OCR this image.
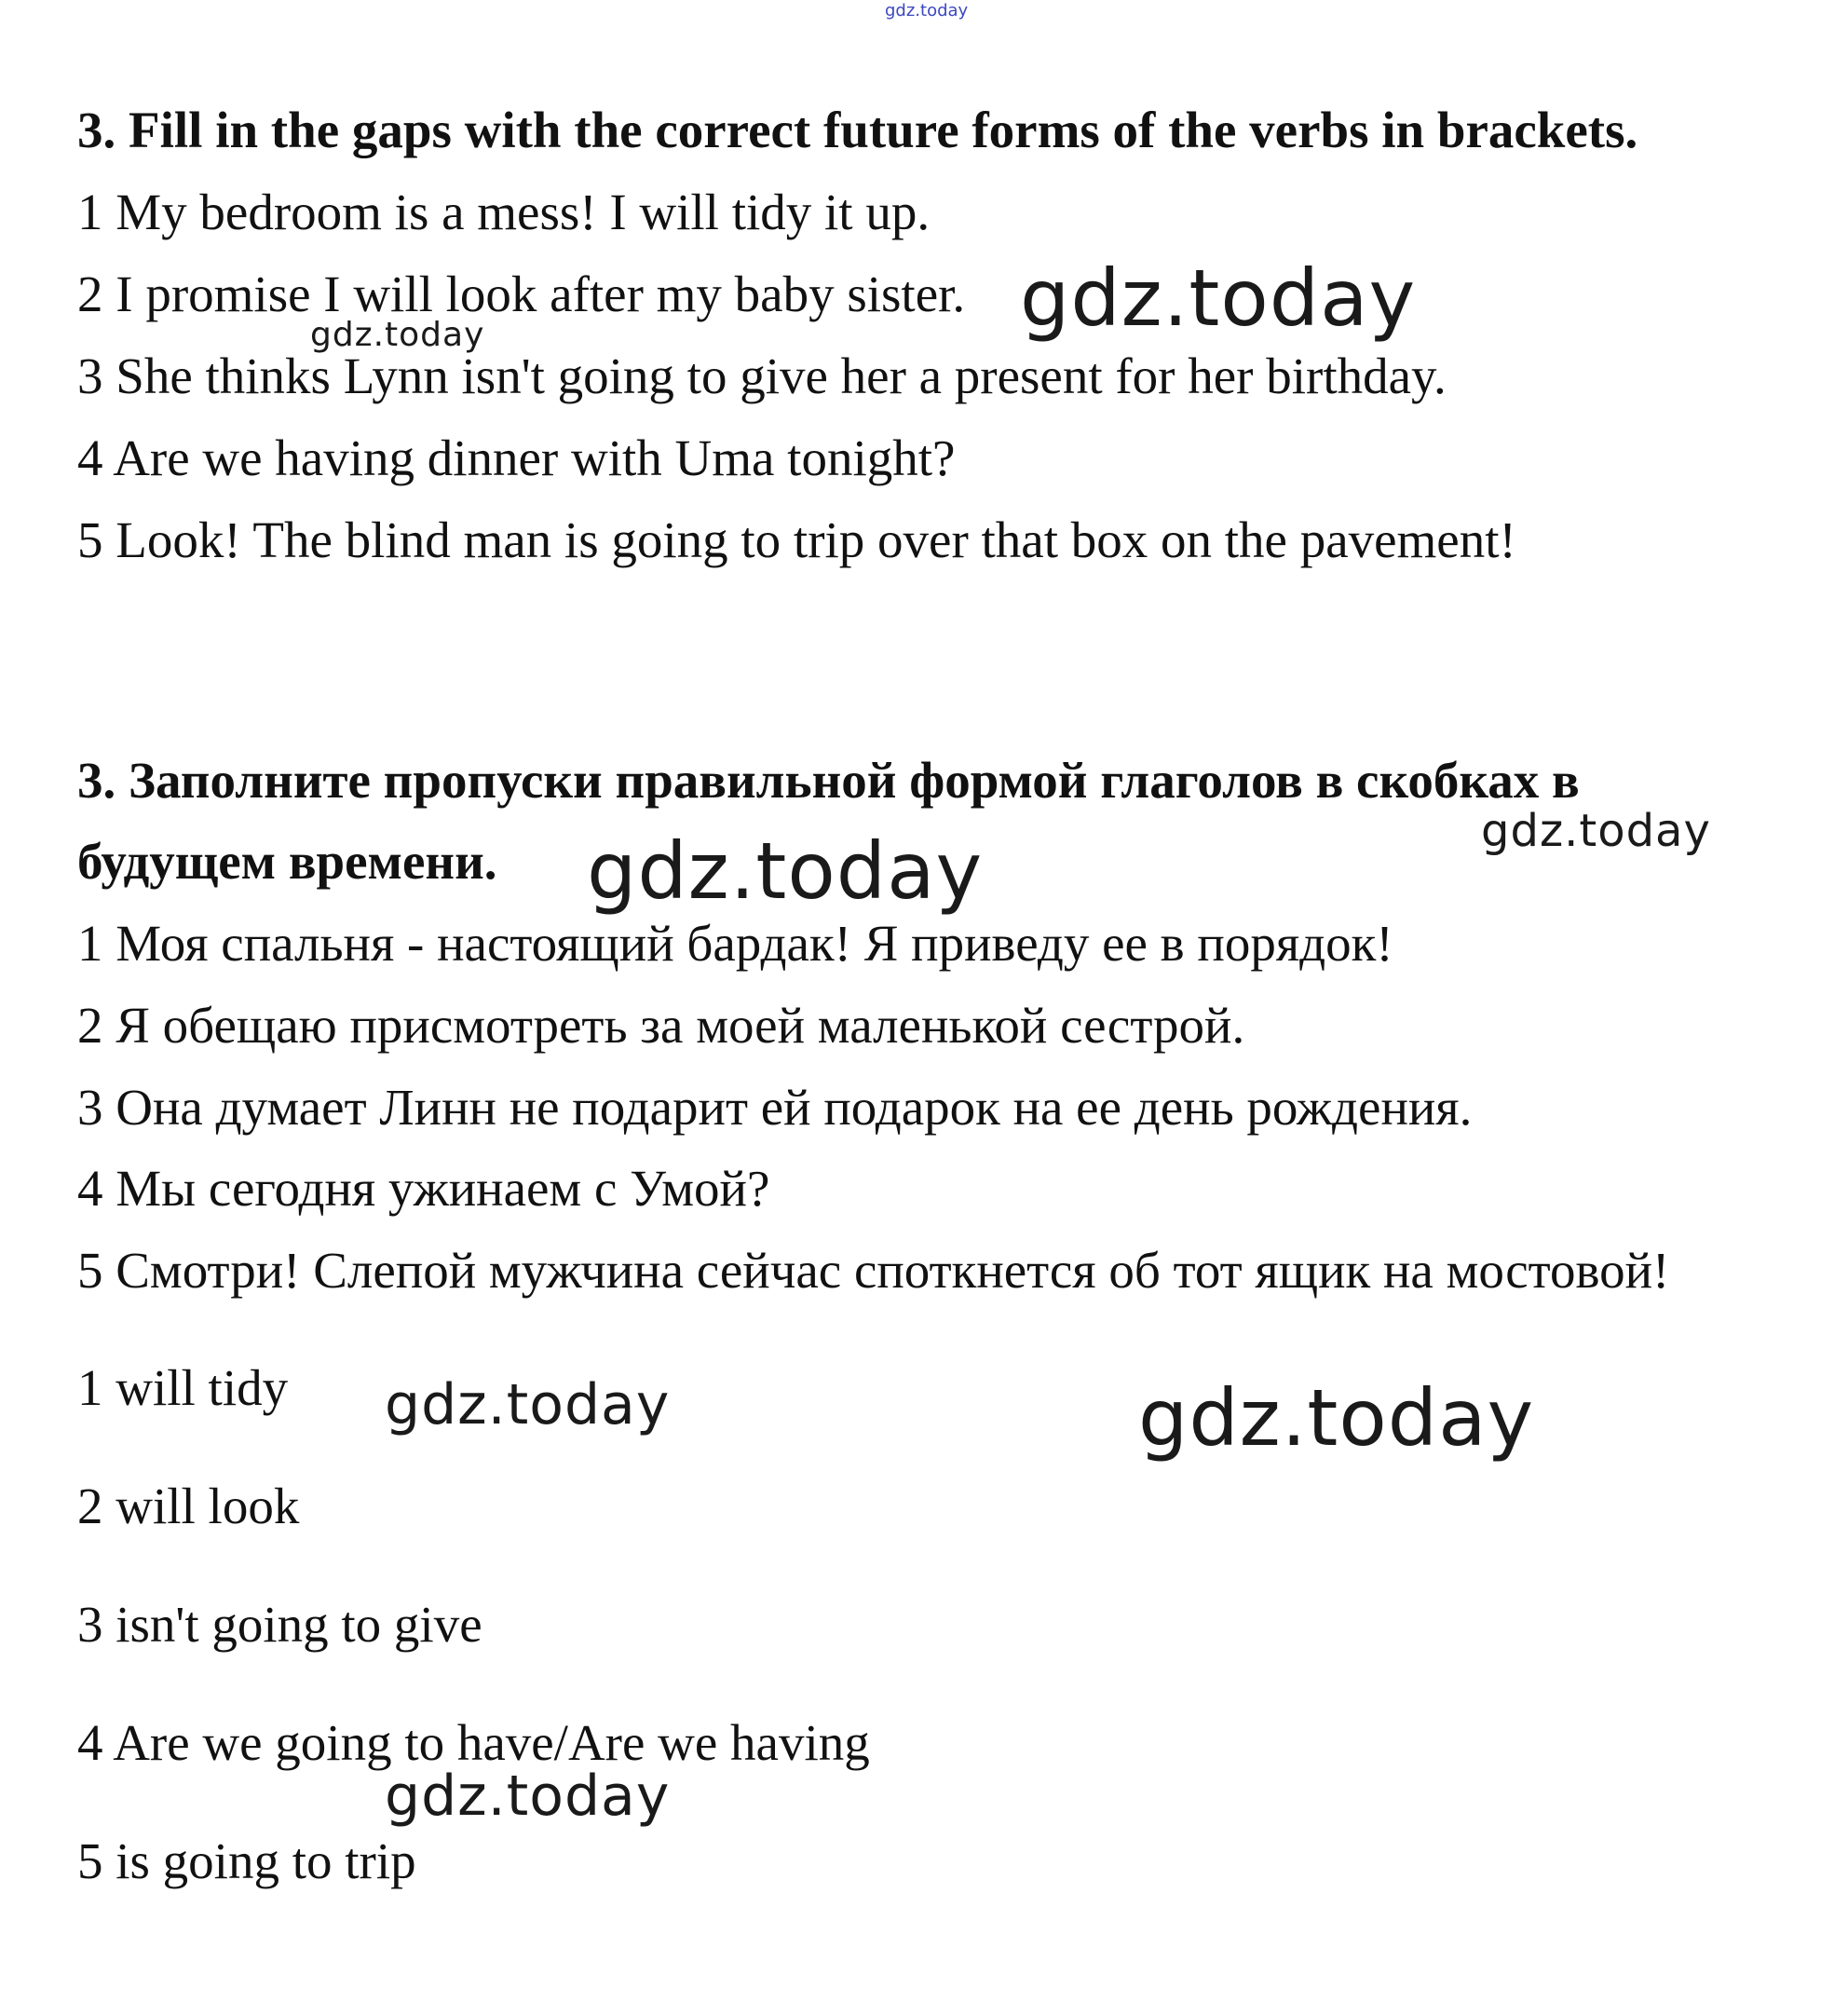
gdz.today
3. Fill in the gaps with the correct future forms of the verbs in brackets.
1 My bedroom is a mess! I will tidy it up.
2 I promise I will look after my baby sister.
3 She thinks Lynn isn't going to give her a present for her birthday.
4 Are we having dinner with Uma tonight?
5 Look! The blind man is going to trip over that box on the pavement!
3. Заполните пропуски правильной формой глаголов в скобках в
будущем времени.
1 Моя спальня - настоящий бардак! Я приведу ее в порядок!
2 Я обещаю присмотреть за моей маленькой сестрой.
3 Она думает Линн не подарит ей подарок на ее день рождения.
4 Мы сегодня ужинаем с Умой?
5 Смотри! Слепой мужчина сейчас споткнется об тот ящик на мостовой!
1 will tidy
2 will look
3 isn't going to give
4 Are we going to have/Are we having
5 is going to trip
gdz.today
gdz.today
gdz.today
gdz.today
gdz.today	gdz.today
gdz.today
